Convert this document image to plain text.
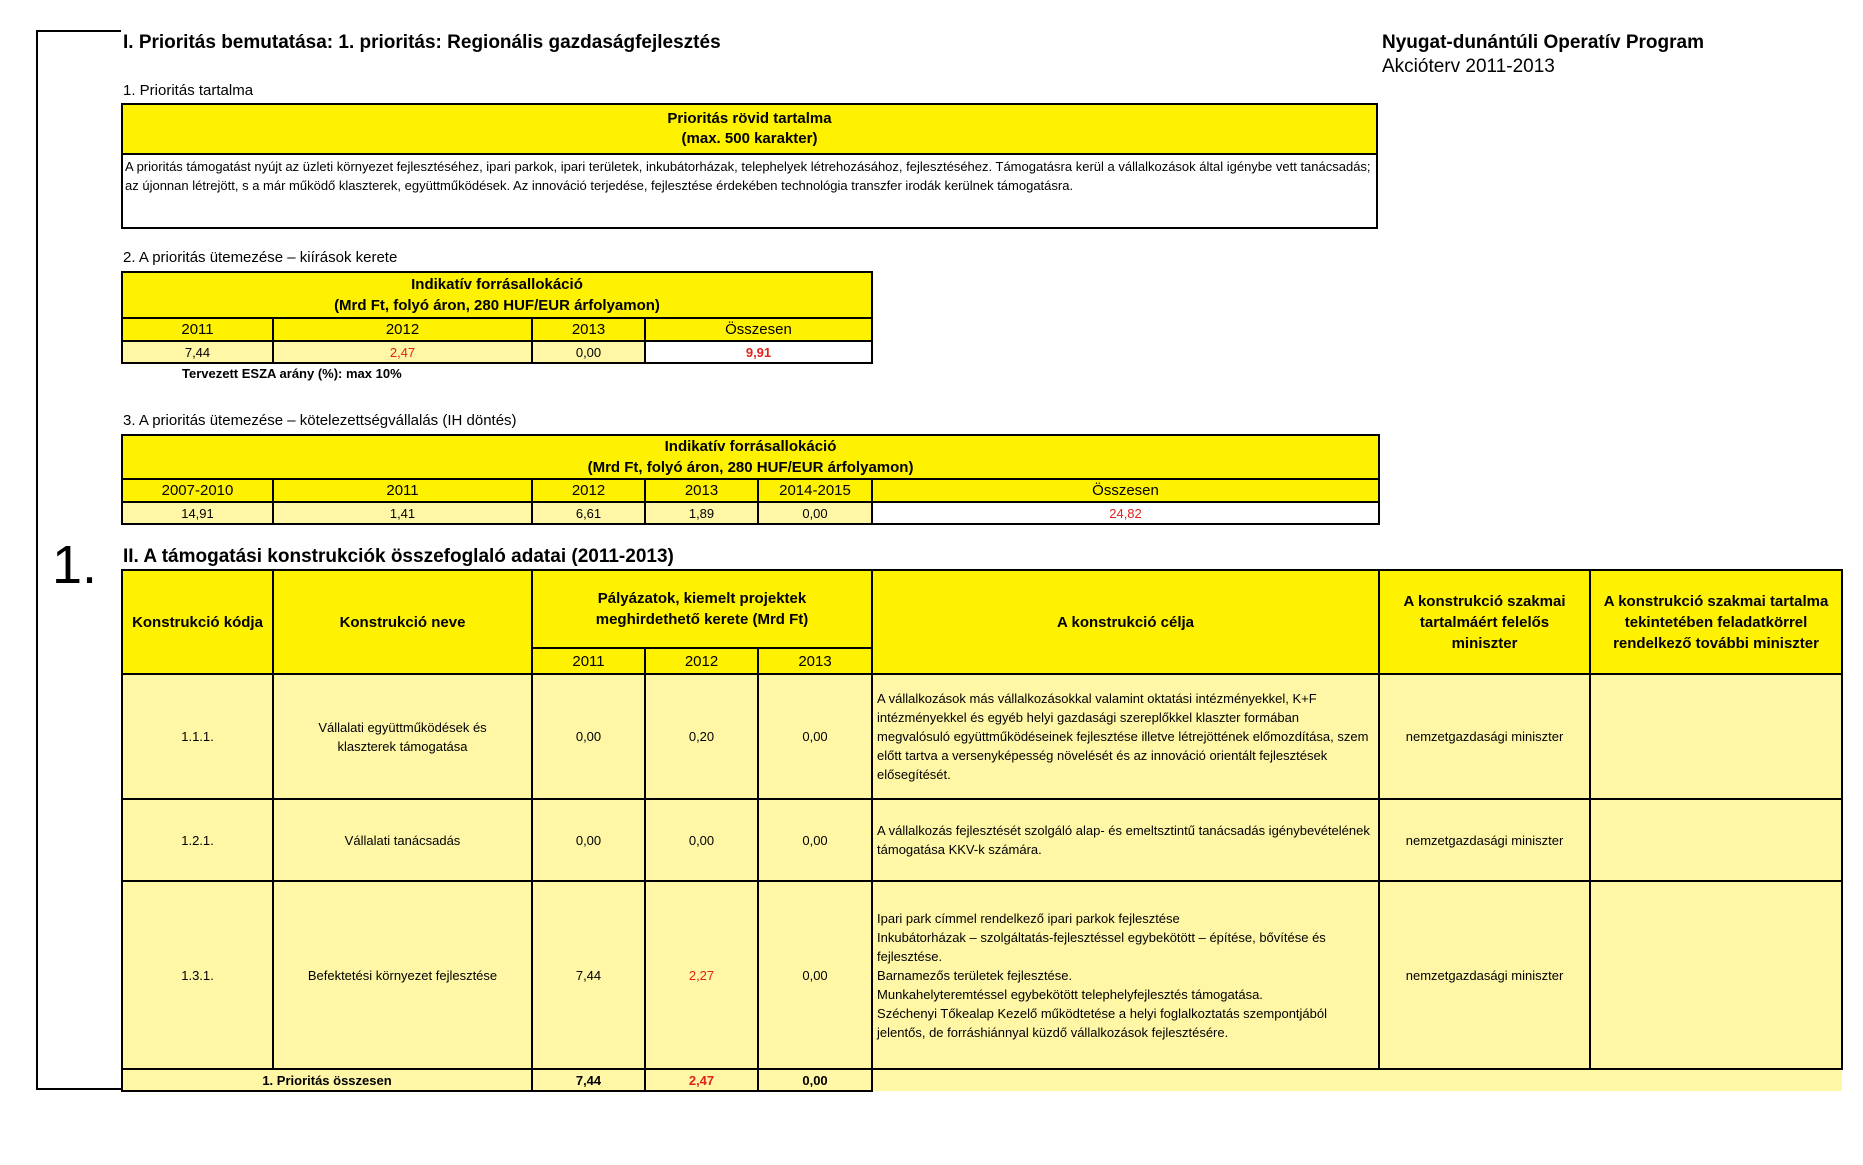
1.
I. Prioritás bemutatása: 1. prioritás: Regionális gazdaságfejlesztés	Nyugat-dunántúli Operatív Program
Akcióterv 2011-2013
1. Prioritás tartalma
Prioritás rövid tartalma
(max. 500 karakter)

A prioritás támogatást nyújt az üzleti környezet fejlesztéséhez, ipari parkok, ipari területek, inkubátorházak, telephelyek létrehozásához, fejlesztéséhez. Támogatásra kerül a vállalkozások által igénybe vett tanácsadás; az újonnan létrejött, s a már működő klaszterek, együttműködések. Az innováció terjedése, fejlesztése érdekében technológia transzfer irodák kerülnek támogatásra.
2. A prioritás ütemezése – kiírások kerete
Indikatív forrásallokáció
(Mrd Ft, folyó áron, 280 HUF/EUR árfolyamon)			

2011	2012	2013	Összesen
7,44	2,47	0,00	9,91
Tervezett ESZA arány (%): max 10%
3. A prioritás ütemezése – kötelezettségvállalás (IH döntés)
Indikatív forrásallokáció
(Mrd Ft, folyó áron, 280 HUF/EUR árfolyamon)					
2007-2010	2011	2012	2013	2014-2015	Összesen
14,91	1,41	6,61	1,89	0,00	24,82
II. A támogatási konstrukciók összefoglaló adatai (2011-2013)
Konstrukció kódja	Konstrukció neve	Pályázatok, kiemelt projektek meghirdethető kerete (Mrd Ft)			A konstrukció célja	A konstrukció szakmai tartalmáért felelős miniszter	A konstrukció szakmai tartalma tekintetében feladatkörrel rendelkező további miniszter
		2011	2012	2013			
1.1.1.	Vállalati együttműködések és klaszterek támogatása	0,00	0,20	0,00	A vállalkozások más vállalkozásokkal valamint oktatási intézményekkel, K+F intézményekkel és egyéb helyi gazdasági szereplőkkel klaszter formában megvalósuló együttműködéseinek fejlesztése illetve létrejöttének előmozdítása, szem előtt tartva a versenyképesség növelését és az innováció orientált fejlesztések elősegítését.	nemzetgazdasági miniszter	
1.2.1.	Vállalati tanácsadás	0,00	0,00	0,00	A vállalkozás fejlesztését szolgáló alap- és emeltsztintű tanácsadás igénybevételének támogatása KKV-k számára.	nemzetgazdasági miniszter	
1.3.1.	Befektetési környezet fejlesztése	7,44	2,27	0,00	Ipari park címmel rendelkező ipari parkok fejlesztése
Inkubátorházak – szolgáltatás-fejlesztéssel egybekötött – építése, bővítése és fejlesztése.
Barnamezős területek fejlesztése.
Munkahelyteremtéssel egybekötött telephelyfejlesztés támogatása.
Széchenyi Tőkealap Kezelő működtetése a helyi foglalkoztatás szempontjából jelentős, de forráshiánnyal küzdő vállalkozások fejlesztésére.	nemzetgazdasági miniszter	
1. Prioritás összesen		7,44	2,47	0,00			
